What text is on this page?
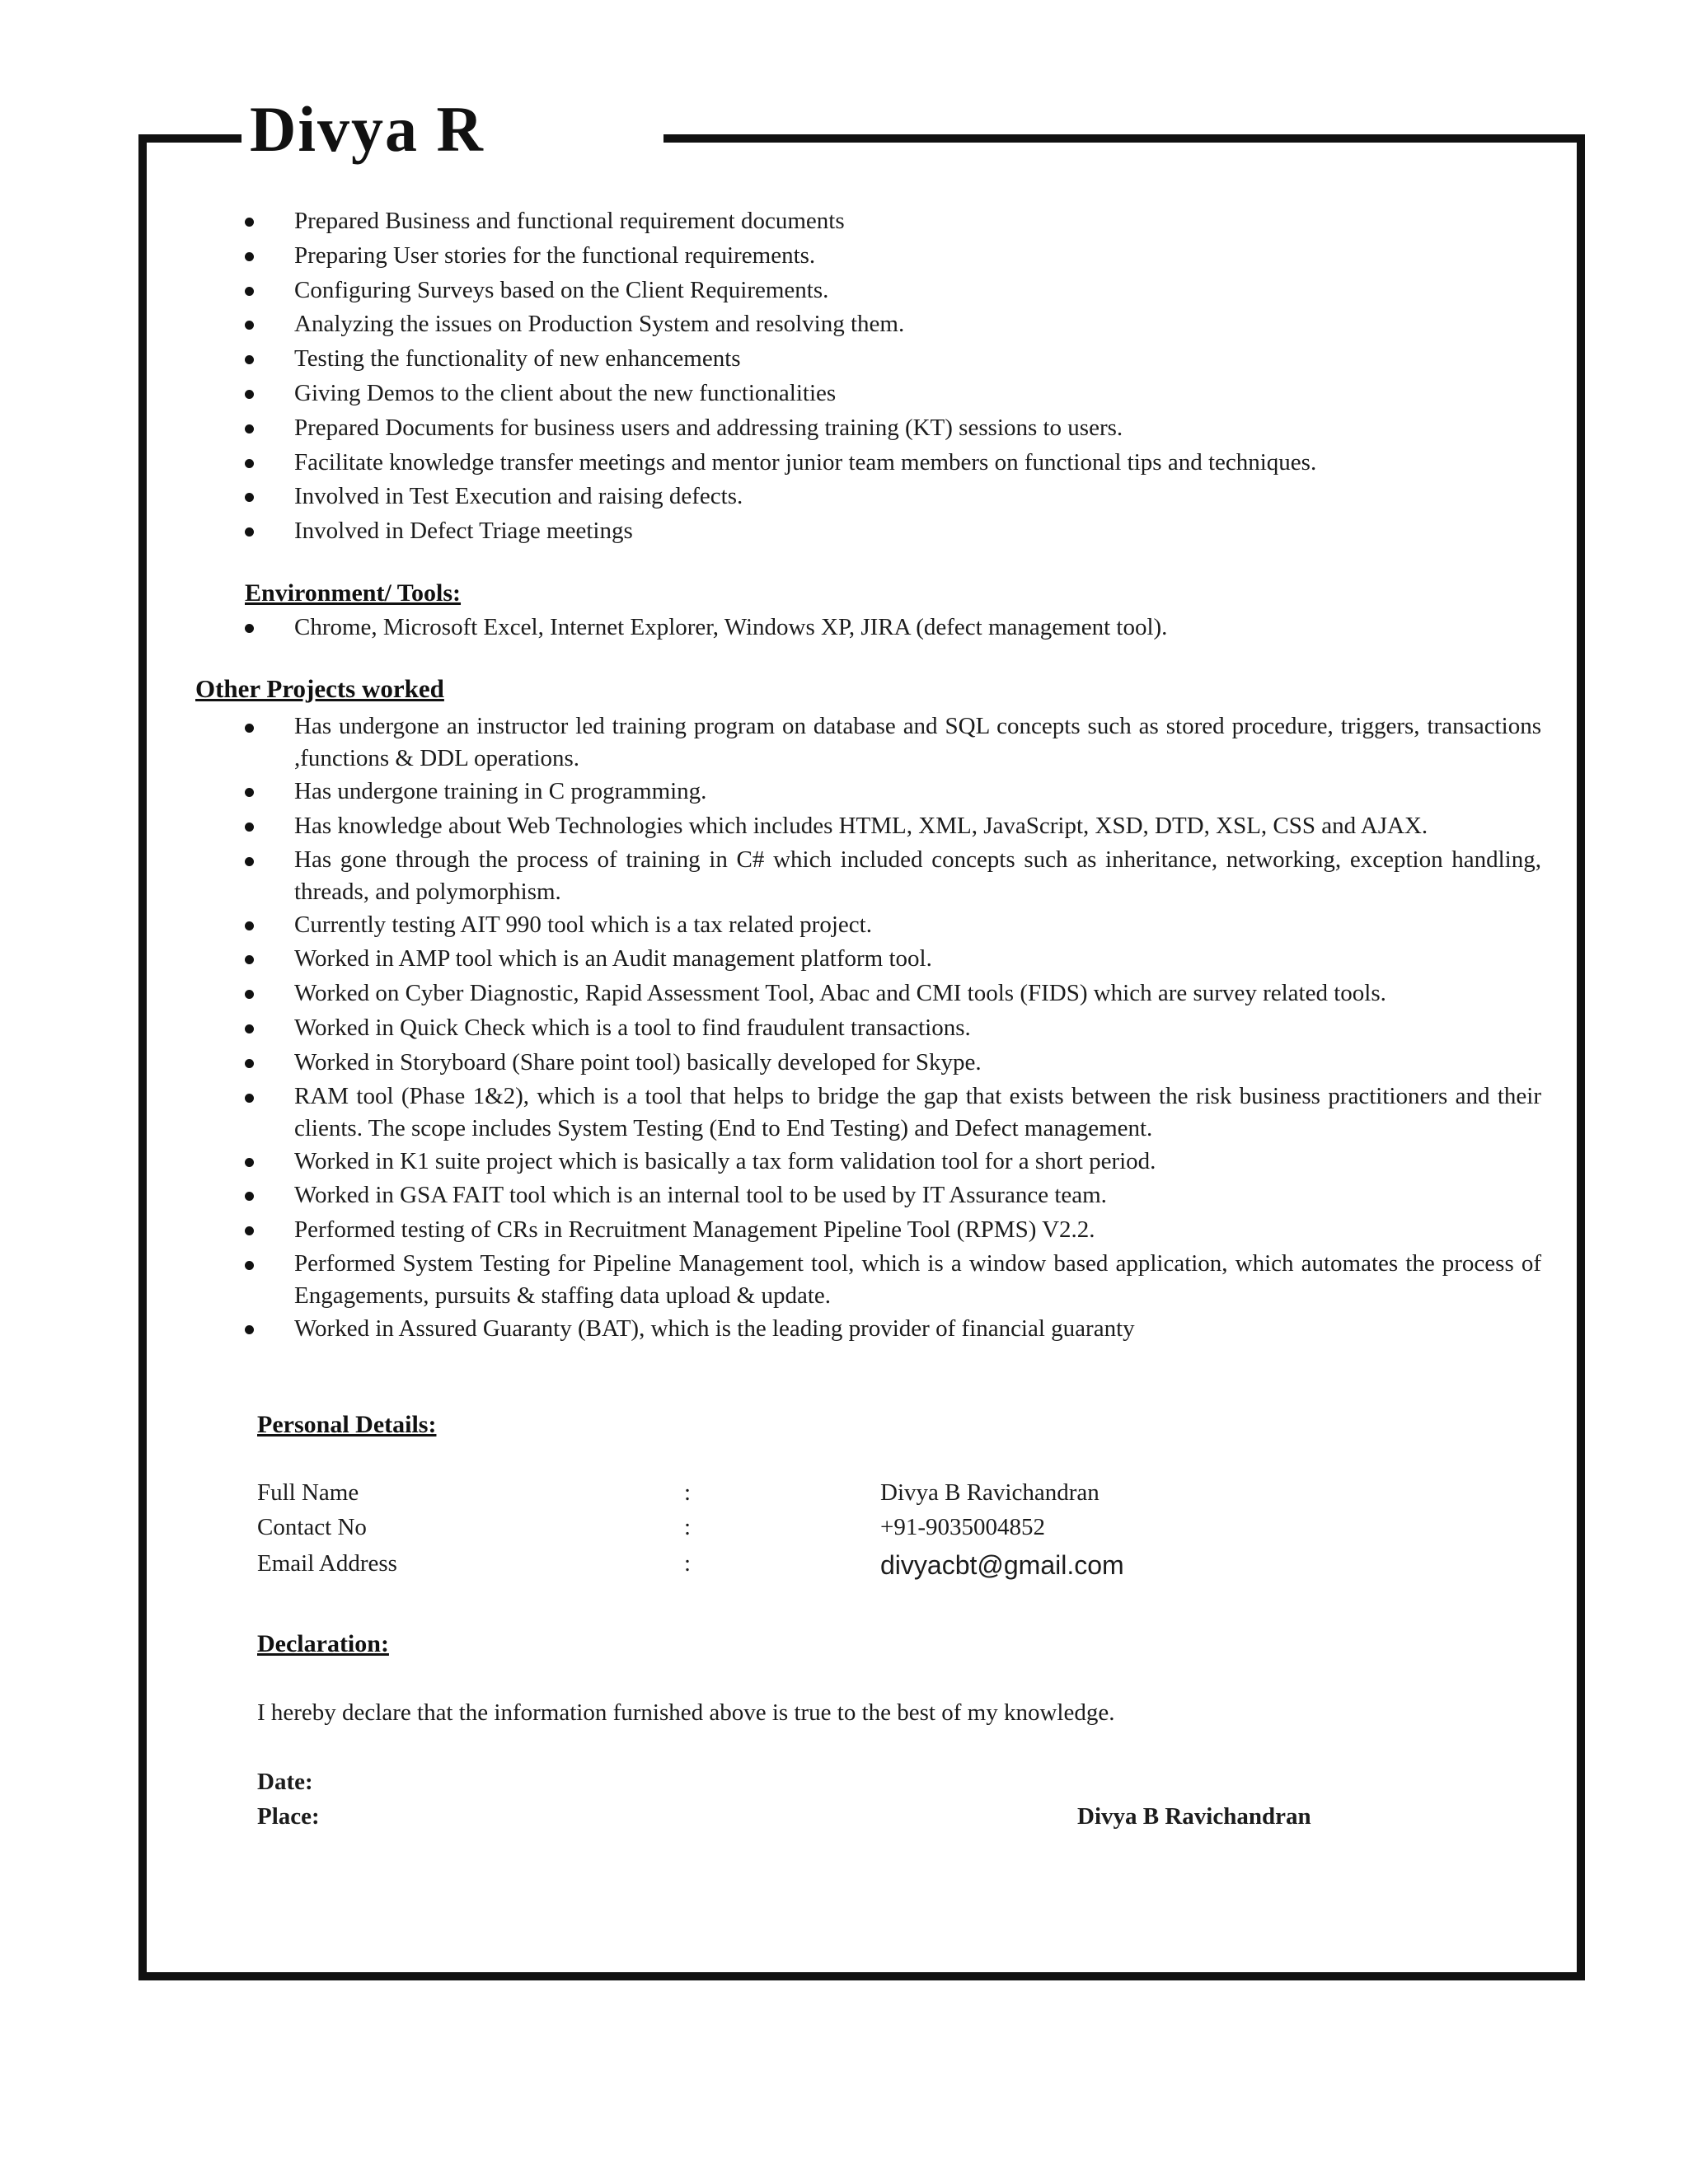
Divya R
Prepared Business and functional requirement documents
Preparing User stories for the functional requirements.
Configuring Surveys based on the Client Requirements.
Analyzing the issues on Production System and resolving them.
Testing the functionality of new enhancements
Giving Demos to the client about the new functionalities
Prepared Documents for business users and addressing training (KT) sessions to users.
Facilitate knowledge transfer meetings and mentor junior team members on functional tips and techniques.
Involved in Test Execution and raising defects.
Involved in Defect Triage meetings
Environment/ Tools:
Chrome, Microsoft Excel, Internet Explorer, Windows XP, JIRA (defect management tool).
Other Projects worked
Has undergone an instructor led training program on database and SQL concepts such as stored procedure, triggers, transactions ,functions & DDL operations.
Has undergone training in C programming.
Has knowledge about Web Technologies which includes HTML, XML, JavaScript, XSD, DTD, XSL, CSS and AJAX.
Has gone through the process of training in C# which included concepts such as inheritance, networking, exception handling, threads, and polymorphism.
Currently testing AIT 990 tool which is a tax related project.
Worked in AMP tool which is an Audit management platform tool.
Worked on Cyber Diagnostic, Rapid Assessment Tool, Abac and CMI tools (FIDS) which are survey related tools.
Worked in Quick Check which is a tool to find fraudulent transactions.
Worked in Storyboard (Share point tool) basically developed for Skype.
RAM tool (Phase 1&2), which is a tool that helps to bridge the gap that exists between the risk business practitioners and their clients. The scope includes System Testing (End to End Testing) and Defect management.
Worked in K1 suite project which is basically a tax form validation tool for a short period.
Worked in GSA FAIT tool which is an internal tool to be used by IT Assurance team.
Performed testing of CRs in Recruitment Management Pipeline Tool (RPMS) V2.2.
Performed System Testing for Pipeline Management tool, which is a window based application, which automates the process of Engagements, pursuits & staffing data upload & update.
Worked in Assured Guaranty (BAT), which is the leading provider of financial guaranty
Personal Details:
Full Name	:	Divya B Ravichandran
Contact No	:	+91-9035004852
Email Address	:	divyacbt@gmail.com
Declaration:
I hereby declare that the information furnished above is true to the best of my knowledge.
Date:
Place:	Divya B Ravichandran
